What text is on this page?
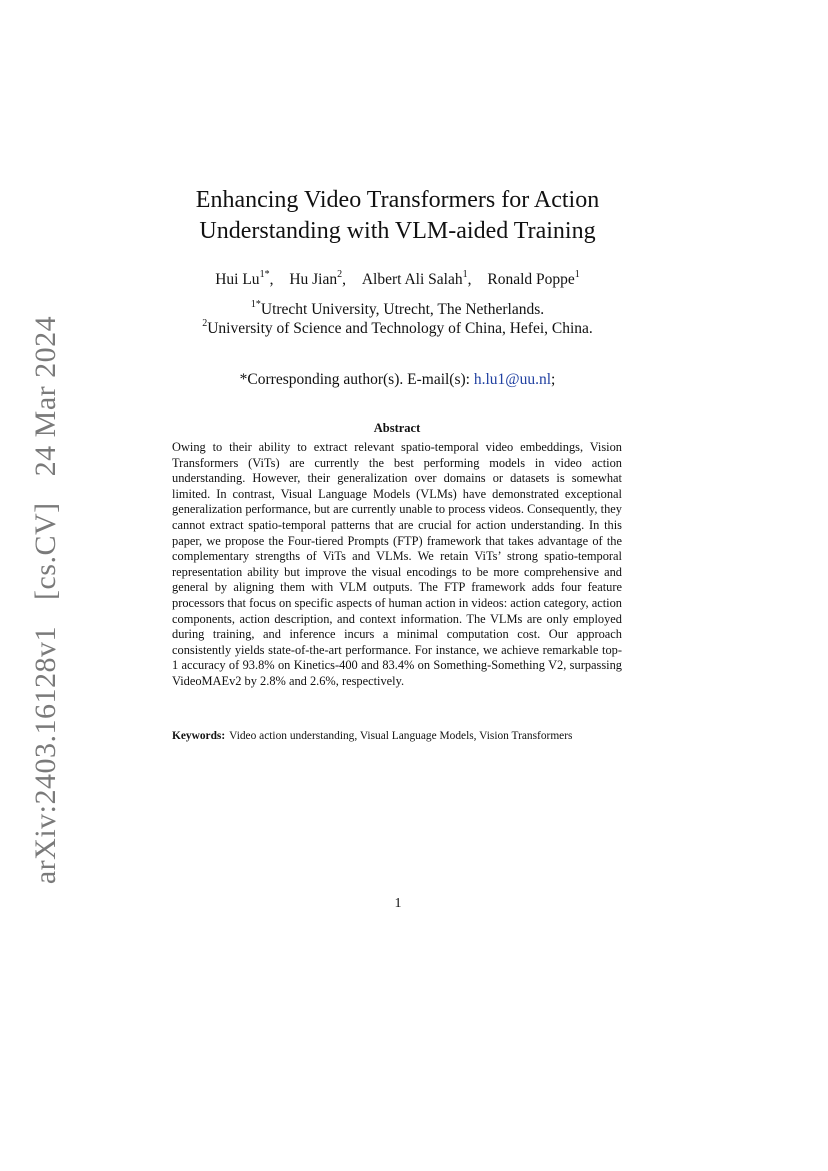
arXiv:2403.16128v1 [cs.CV] 24 Mar 2024
Enhancing Video Transformers for Action
Understanding with VLM-aided Training
Hui $Lu^{1*}$, Hu Jian$^2$, Albert Ali Salah$^1$, Ronald Poppe$^1$
$^{1*}$Utrecht University, Utrecht, The Netherlands.
$^2$University of Science and Technology of China, Hefei, China.
*Corresponding author(s). E-mail(s): h.lu1@uu.nl;
Abstract
Owing to their ability to extract relevant spatio-temporal video embeddings, Vision Transformers (ViTs) are currently the best performing models in video action understanding. However, their generalization over domains or datasets is somewhat limited. In contrast, Visual Language Models (VLMs) have demonstrated exceptional generalization performance, but are currently unable to process videos. Consequently, they cannot extract spatio-temporal patterns that are crucial for action understanding. In this paper, we propose the Four-tiered Prompts (FTP) framework that takes advantage of the complementary strengths of ViTs and VLMs. We retain ViTs’ strong spatio-temporal representation ability but improve the visual encodings to be more comprehensive and general by aligning them with VLM outputs. The FTP framework adds four feature processors that focus on specific aspects of human action in videos: action category, action components, action description, and context information. The VLMs are only employed during training, and inference incurs a minimal computation cost. Our approach consistently yields state-of-the-art performance. For instance, we achieve remarkable top-1 accuracy of 93.8% on Kinetics-400 and 83.4% on Something-Something V2, surpassing VideoMAEv2 by 2.8% and 2.6%, respectively.
Keywords: Video action understanding, Visual Language Models, Vision Transformers
1
